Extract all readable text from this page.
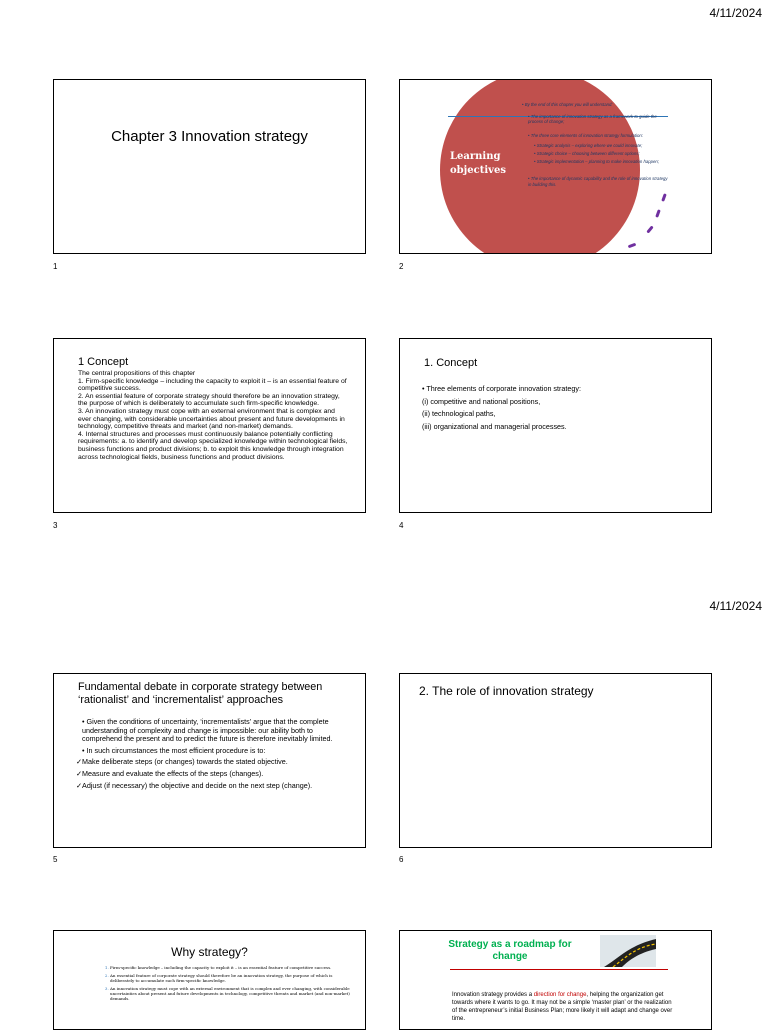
4/11/2024
Chapter 3 Innovation strategy
1
Learning objectives
• By the end of this chapter you will understand:
• The importance of innovation strategy as a framework to guide the process of change;
• The three core elements of innovation strategy formulation:
• Strategic analysis – exploring where we could innovate;
• Strategic choice – choosing between different options;
• Strategic implementation – planning to make innovation happen;
• The importance of dynamic capability and the role of innovation strategy in building this.
2
1 Concept

The central propositions of this chapter

1. Firm-specific knowledge – including the capacity to exploit it – is an essential feature of competitive success.

2. An essential feature of corporate strategy should therefore be an innovation strategy, the purpose of which is deliberately to accumulate such firm-specific knowledge.

3. An innovation strategy must cope with an external environment that is complex and ever changing, with considerable uncertainties about present and future developments in technology, competitive threats and market (and non-market) demands.

4. Internal structures and processes must continuously balance potentially conflicting requirements: a. to identify and develop specialized knowledge within technological fields, business functions and product divisions; b. to exploit this knowledge through integration across technological fields, business functions and product divisions.

3
1. Concept
• Three elements of corporate innovation strategy:
(i) competitive and national positions,
(ii) technological paths,
(iii) organizational and managerial processes.
4
4/11/2024
Fundamental debate in corporate strategy between ‘rationalist’ and ‘incrementalist’ approaches
• Given the conditions of uncertainty, ‘incrementalists’ argue that the complete understanding of complexity and change is impossible: our ability both to comprehend the present and to predict the future is therefore inevitably limited.
• In such circumstances the most efficient procedure is to:
✓Make deliberate steps (or changes) towards the stated objective.
✓Measure and evaluate the effects of the steps (changes).
✓Adjust (if necessary) the objective and decide on the next step (change).
5
2. The role of innovation strategy
6
Why strategy?
1. Firm-specific knowledge – including the capacity to exploit it – is an essential feature of competitive success.
2. An essential feature of corporate strategy should therefore be an innovation strategy, the purpose of which is deliberately to accumulate such firm-specific knowledge.
3. An innovation strategy must cope with an external environment that is complex and ever changing, with considerable uncertainties about present and future developments in technology, competitive threats and market (and non-market) demands.
Strategy as a roadmap for change
Innovation strategy provides a direction for change, helping the organization get towards where it wants to go. It may not be a simple ‘master plan’ or the realization of the entrepreneur’s initial Business Plan; more likely it will adapt and change over time.
